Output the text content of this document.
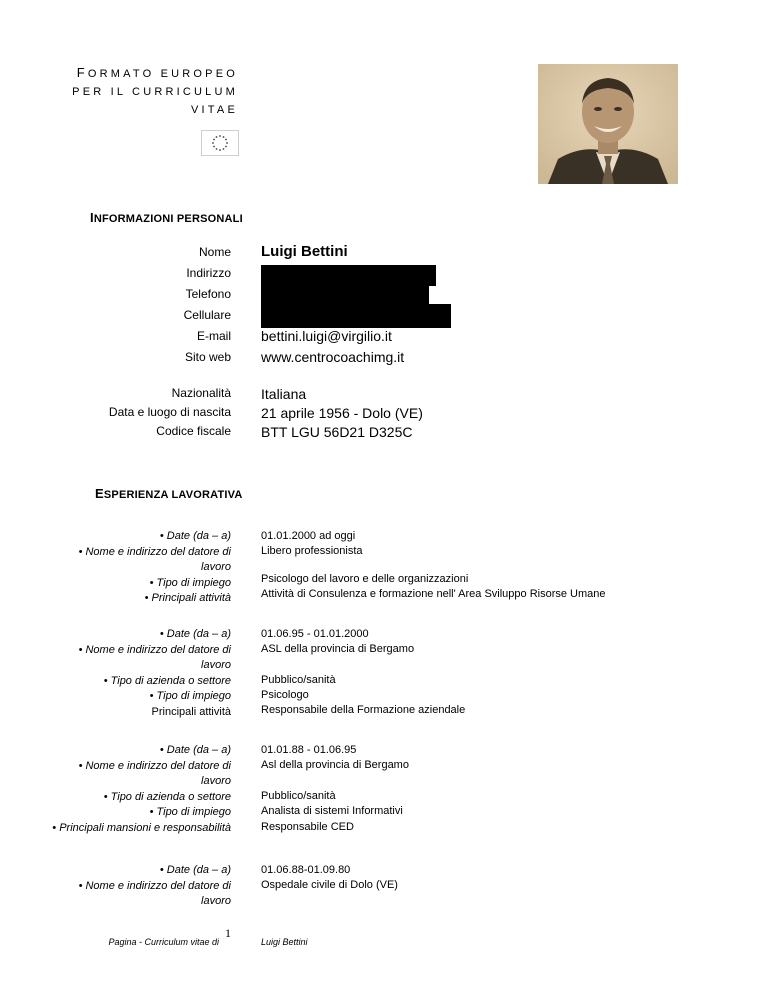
FORMATO EUROPEO
PER IL CURRICULUM
VITAE
INFORMAZIONI PERSONALI
Nome Luigi Bettini
Indirizzo
Telefono
Cellulare
E-mail bettini.luigi@virgilio.it
Sito web www.centrocoachimg.it
Nazionalità Italiana
Data e luogo di nascita 21 aprile 1956 - Dolo (VE)
Codice fiscale BTT LGU 56D21 D325C
ESPERIENZA LAVORATIVA
• Date (da – a)
• Nome e indirizzo del datore di
lavoro
• Tipo di impiego
• Principali attività
01.01.2000 ad oggi
Libero professionista
Psicologo del lavoro e delle organizzazioni
Attività di Consulenza e formazione nell' Area Sviluppo Risorse Umane
• Date (da – a)
• Nome e indirizzo del datore di
lavoro
• Tipo di azienda o settore
• Tipo di impiego
Principali attività
01.06.95 - 01.01.2000
ASL della provincia di Bergamo
Pubblico/sanità
Psicologo
Responsabile della Formazione aziendale
• Date (da – a)
• Nome e indirizzo del datore di
lavoro
• Tipo di azienda o settore
• Tipo di impiego
• Principali mansioni e responsabilità
01.01.88 - 01.06.95
Asl della provincia di Bergamo
Pubblico/sanità
Analista di sistemi Informativi
Responsabile CED
• Date (da – a)
• Nome e indirizzo del datore di
lavoro
01.06.88-01.09.80
Ospedale civile di Dolo (VE)
Pagina - Curriculum vitae di
1
Luigi Bettini
